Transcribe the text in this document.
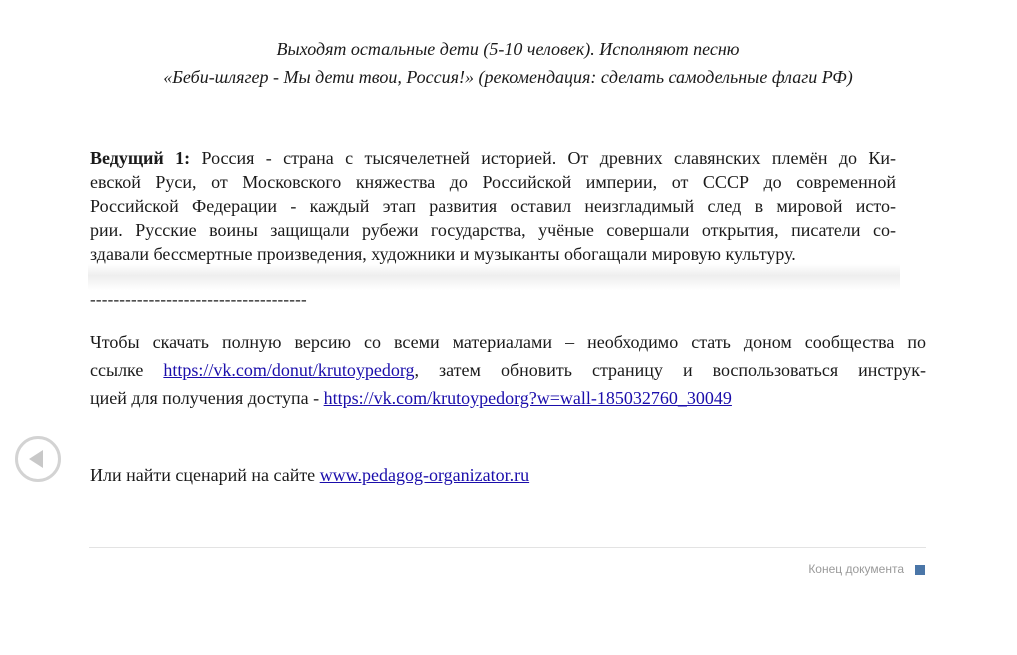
Выходят остальные дети (5-10 человек). Исполняют песню
«Беби-шлягер - Мы дети твои, Россия!» (рекомендация: сделать самодельные флаги РФ)
Ведущий 1: Россия - страна с тысячелетней историей. От древних славянских племён до Ки-
евской Руси, от Московского княжества до Российской империи, от СССР до современной
Российской Федерации - каждый этап развития оставил неизгладимый след в мировой исто-
рии. Русские воины защищали рубежи государства, учёные совершали открытия, писатели со-
здавали бессмертные произведения, художники и музыканты обогащали мировую культуру.
-------------------------------------
Чтобы скачать полную версию со всеми материалами – необходимо стать доном сообщества по
ссылке https://vk.com/donut/krutoypedorg, затем обновить страницу и воспользоваться инструк-
цией для получения доступа - https://vk.com/krutoypedorg?w=wall-185032760_30049
Или найти сценарий на сайте www.pedagog-organizator.ru
Конец документа
